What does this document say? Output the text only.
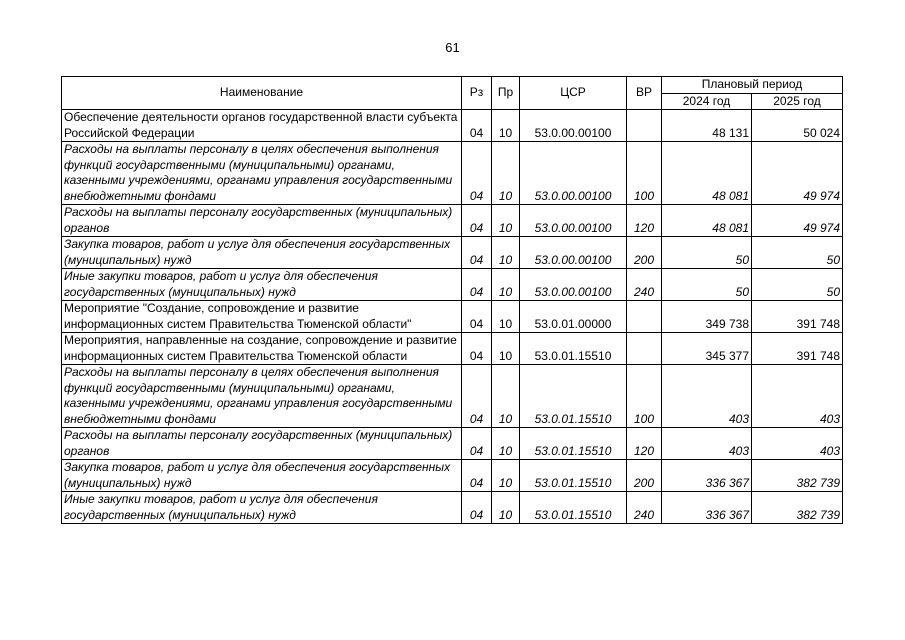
61
Наименование	Рз	Пр	ЦСР	ВР	Плановый период	
					2024 год	2025 год
Обеспечение деятельности органов государственной власти субъекта Российской Федерации	04	10	53.0.00.00100		48 131	50 024
Расходы на выплаты персоналу в целях обеспечения выполнения функций государственными (муниципальными) органами, казенными учреждениями, органами управления государственными внебюджетными фондами	04	10	53.0.00.00100	100	48 081	49 974
Расходы на выплаты персоналу государственных (муниципальных) органов	04	10	53.0.00.00100	120	48 081	49 974
Закупка товаров, работ и услуг для обеспечения государственных (муниципальных) нужд	04	10	53.0.00.00100	200	50	50
Иные закупки товаров, работ и услуг для обеспечения государственных (муниципальных) нужд	04	10	53.0.00.00100	240	50	50
Мероприятие "Создание, сопровождение и развитие информационных систем Правительства Тюменской области"	04	10	53.0.01.00000		349 738	391 748
Мероприятия, направленные на создание, сопровождение и развитие информационных систем Правительства Тюменской области	04	10	53.0.01.15510		345 377	391 748
Расходы на выплаты персоналу в целях обеспечения выполнения функций государственными (муниципальными) органами, казенными учреждениями, органами управления государственными внебюджетными фондами	04	10	53.0.01.15510	100	403	403
Расходы на выплаты персоналу государственных (муниципальных) органов	04	10	53.0.01.15510	120	403	403
Закупка товаров, работ и услуг для обеспечения государственных (муниципальных) нужд	04	10	53.0.01.15510	200	336 367	382 739
Иные закупки товаров, работ и услуг для обеспечения государственных (муниципальных) нужд	04	10	53.0.01.15510	240	336 367	382 739
